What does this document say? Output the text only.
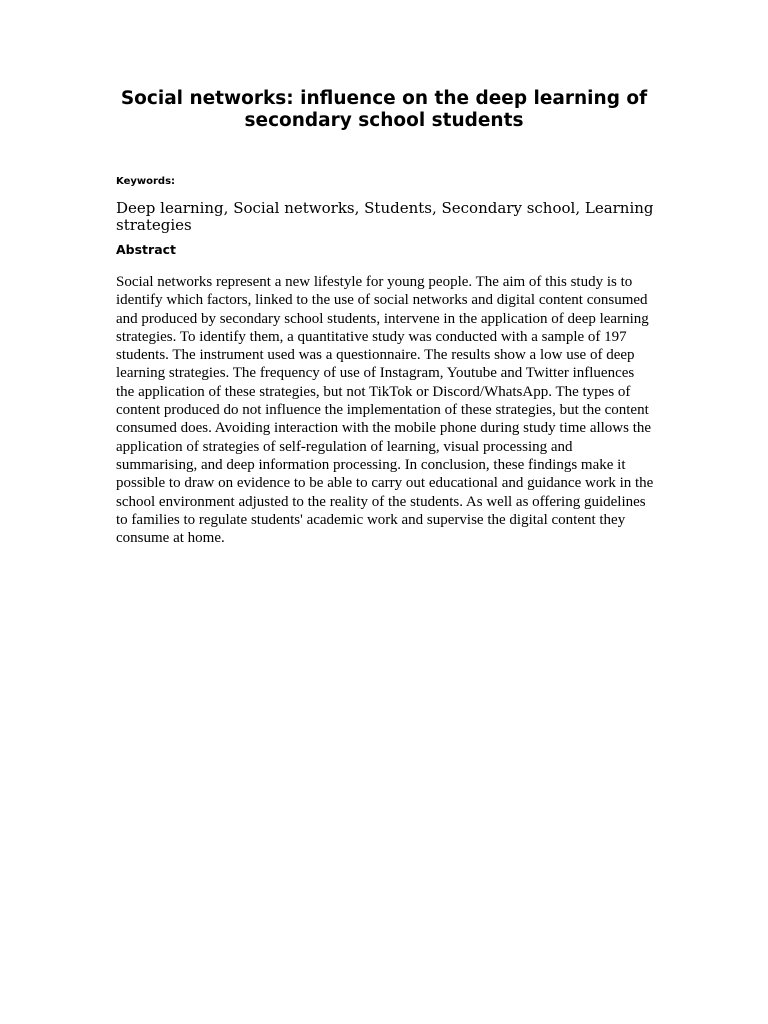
Social networks: influence on the deep learning of secondary school students
Keywords:

Deep learning, Social networks, Students, Secondary school, Learning strategies

Abstract

Social networks represent a new lifestyle for young people. The aim of this study is to identify which factors, linked to the use of social networks and digital content consumed and produced by secondary school students, intervene in the application of deep learning strategies. To identify them, a quantitative study was conducted with a sample of 197 students. The instrument used was a questionnaire. The results show a low use of deep learning strategies. The frequency of use of Instagram, Youtube and Twitter influences the application of these strategies, but not TikTok or Discord/WhatsApp. The types of content produced do not influence the implementation of these strategies, but the content consumed does. Avoiding interaction with the mobile phone during study time allows the application of strategies of self-regulation of learning, visual processing and summarising, and deep information processing. In conclusion, these findings make it possible to draw on evidence to be able to carry out educational and guidance work in the school environment adjusted to the reality of the students. As well as offering guidelines to families to regulate students' academic work and supervise the digital content they consume at home.
